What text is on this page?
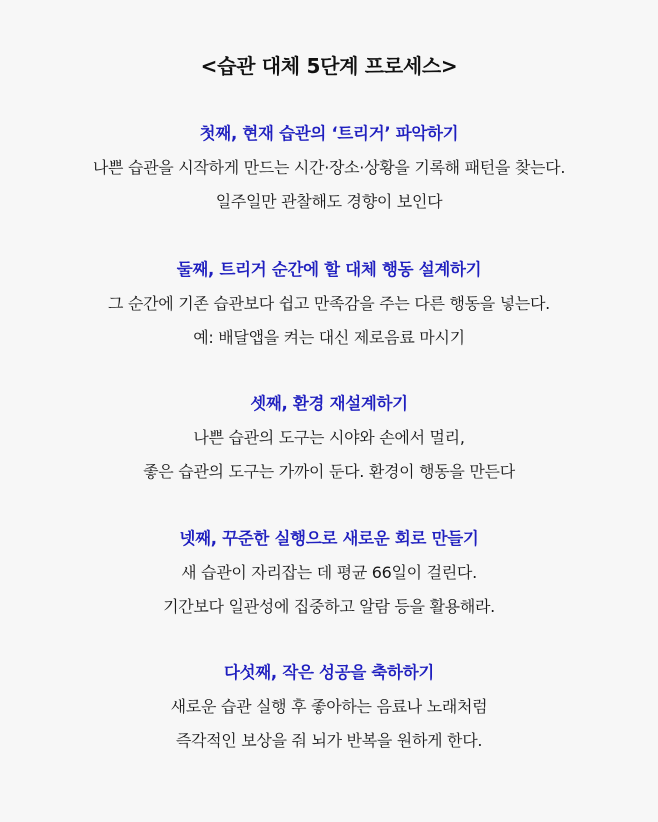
<습관 대체 5단계 프로세스>
첫째, 현재 습관의 ‘트리거’ 파악하기
나쁜 습관을 시작하게 만드는 시간·장소·상황을 기록해 패턴을 찾는다.
일주일만 관찰해도 경향이 보인다
둘째, 트리거 순간에 할 대체 행동 설계하기
그 순간에 기존 습관보다 쉽고 만족감을 주는 다른 행동을 넣는다.
예: 배달앱을 켜는 대신 제로음료 마시기
셋째, 환경 재설계하기
나쁜 습관의 도구는 시야와 손에서 멀리,
좋은 습관의 도구는 가까이 둔다. 환경이 행동을 만든다
넷째, 꾸준한 실행으로 새로운 회로 만들기
새 습관이 자리잡는 데 평균 66일이 걸린다.
기간보다 일관성에 집중하고 알람 등을 활용해라.
다섯째, 작은 성공을 축하하기
새로운 습관 실행 후 좋아하는 음료나 노래처럼
즉각적인 보상을 줘 뇌가 반복을 원하게 한다.
